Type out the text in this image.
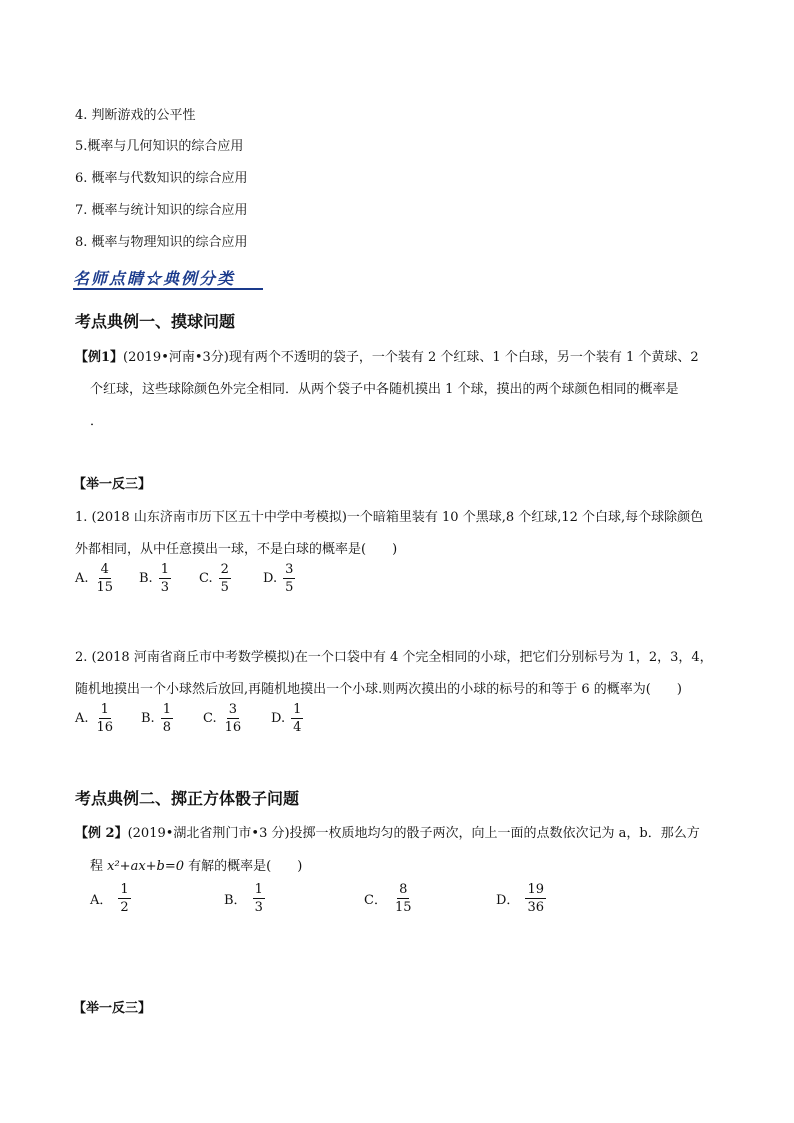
4. 判断游戏的公平性
5.概率与几何知识的综合应用
6. 概率与代数知识的综合应用
7. 概率与统计知识的综合应用
8. 概率与物理知识的综合应用
名师点睛☆典例分类
考点典例一、摸球问题
【例1】(2019•河南•3分)现有两个不透明的袋子，一个装有 2 个红球、1 个白球，另一个装有 1 个黄球、2
个红球，这些球除颜色外完全相同．从两个袋子中各随机摸出 1 个球，摸出的两个球颜色相同的概率是
．
【举一反三】
1. (2018 山东济南市历下区五十中学中考模拟)一个暗箱里装有 10 个黑球,8 个红球,12 个白球,每个球除颜色
外都相同，从中任意摸出一球，不是白球的概率是(　　)
A. $\frac{4}{15} B$. $\frac{1}{3} C$. $\frac{2}{5} D$. $\frac{3}{5}$
2. (2018 河南省商丘市中考数学模拟)在一个口袋中有 4 个完全相同的小球，把它们分别标号为 1，2，3，4，
随机地摸出一个小球然后放回,再随机地摸出一个小球.则两次摸出的小球的标号的和等于 6 的概率为(　　)
A. $\frac{1}{16} B$. $\frac{1}{8} C$. $\frac{3}{16} D$. $\frac{1}{4}$
考点典例二、掷正方体骰子问题
【例 2】(2019•湖北省荆门市•3 分)投掷一枚质地均匀的骰子两次，向上一面的点数依次记为 a，b．那么方
程 x²+ax+b=0 有解的概率是(　　)
A． $\frac{1}{2}$	B． $\frac{1}{3}$	C． $\frac{8}{15}$	D． $\frac{19}{36}$
【举一反三】
